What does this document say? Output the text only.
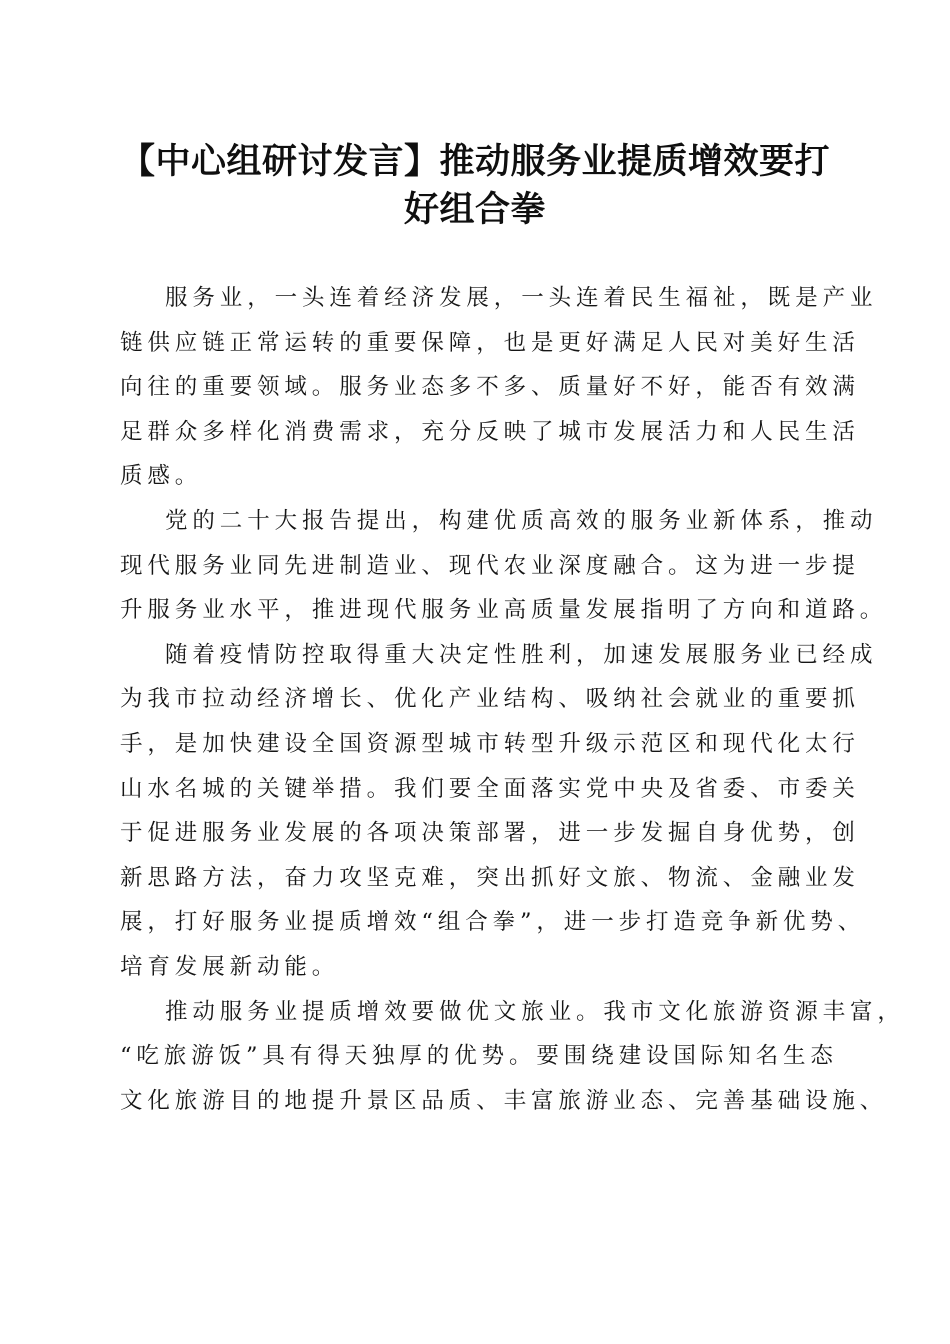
【中心组研讨发言】推动服务业提质增效要打
好组合拳

服务业，一头连着经济发展，一头连着民生福祉，既是产业
链供应链正常运转的重要保障，也是更好满足人民对美好生活
向往的重要领域。服务业态多不多、质量好不好，能否有效满
足群众多样化消费需求，充分反映了城市发展活力和人民生活
质感。

党的二十大报告提出，构建优质高效的服务业新体系，推动
现代服务业同先进制造业、现代农业深度融合。这为进一步提
升服务业水平，推进现代服务业高质量发展指明了方向和道路。

随着疫情防控取得重大决定性胜利，加速发展服务业已经成
为我市拉动经济增长、优化产业结构、吸纳社会就业的重要抓
手，是加快建设全国资源型城市转型升级示范区和现代化太行
山水名城的关键举措。我们要全面落实党中央及省委、市委关
于促进服务业发展的各项决策部署，进一步发掘自身优势，创
新思路方法，奋力攻坚克难，突出抓好文旅、物流、金融业发
展，打好服务业提质增效“组合拳”，进一步打造竞争新优势、
培育发展新动能。

推动服务业提质增效要做优文旅业。我市文化旅游资源丰富，
“吃旅游饭”具有得天独厚的优势。要围绕建设国际知名生态
文化旅游目的地提升景区品质、丰富旅游业态、完善基础设施、
